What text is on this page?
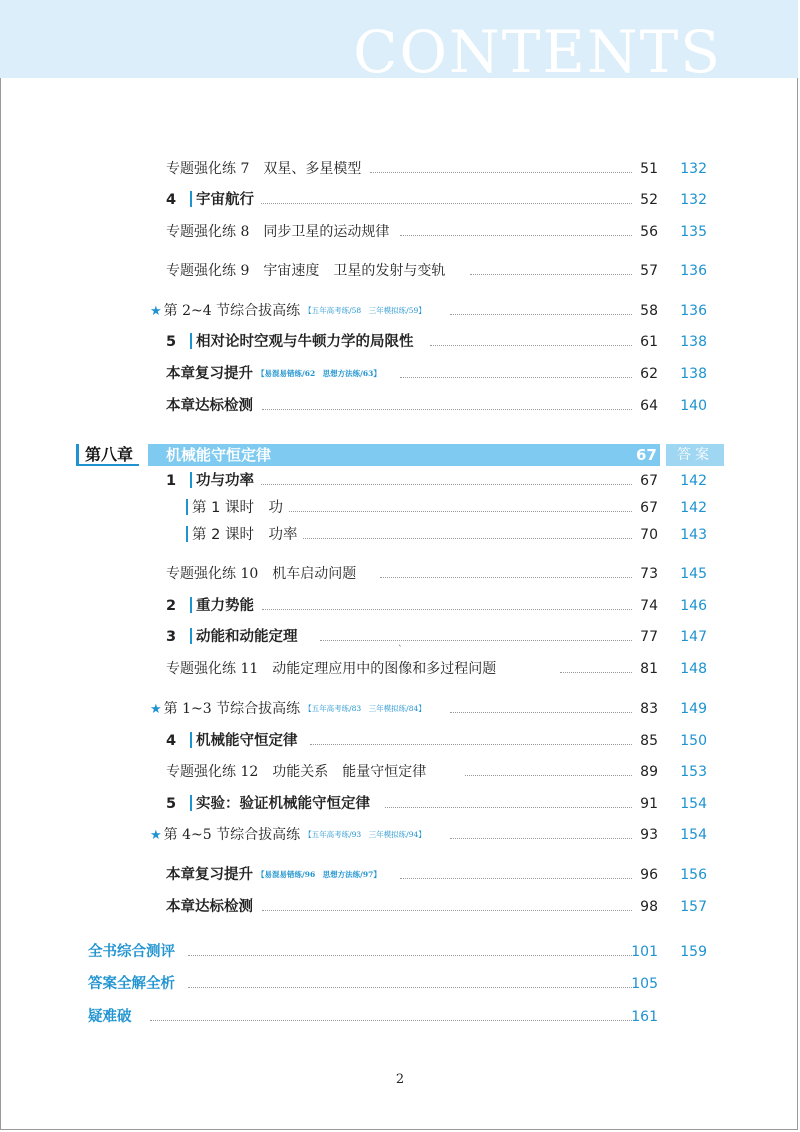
CONTENTS
专题强化练 7　 双星、多星模型	51	132
4 宇宙航行	52	132
专题强化练 8　 同步卫星的运动规律	56	135
专题强化练 9　 宇宙速度　卫星的发射与变轨	57	136
★ 第 2~4 节综合拔高练 【五年高考练/58　三年模拟练/59】	58	136
5 相对论时空观与牛顿力学的局限性	61	138
本章复习提升 【易混易错练/62　思想方法练/63】	62	138
本章达标检测	64	140
第八章	机械能守恒定律	67	答案
1 功与功率	67	142
第 1 课时　功	67	142
第 2 课时　功率	70	143
专题强化练 10　 机车启动问题	73	145
2 重力势能	74	146
3 动能和动能定理	77	147
`
专题强化练 11　 动能定理应用中的图像和多过程问题	81	148
★ 第 1~3 节综合拔高练 【五年高考练/83　三年模拟练/84】	83	149
4 机械能守恒定律	85	150
专题强化练 12　 功能关系　能量守恒定律	89	153
5 实验：验证机械能守恒定律	91	154
★ 第 4~5 节综合拔高练 【五年高考练/93　三年模拟练/94】	93	154
本章复习提升 【易混易错练/96　思想方法练/97】	96	156
本章达标检测	98	157
全书综合测评	101	159
答案全解全析	105
疑难破	161
2
